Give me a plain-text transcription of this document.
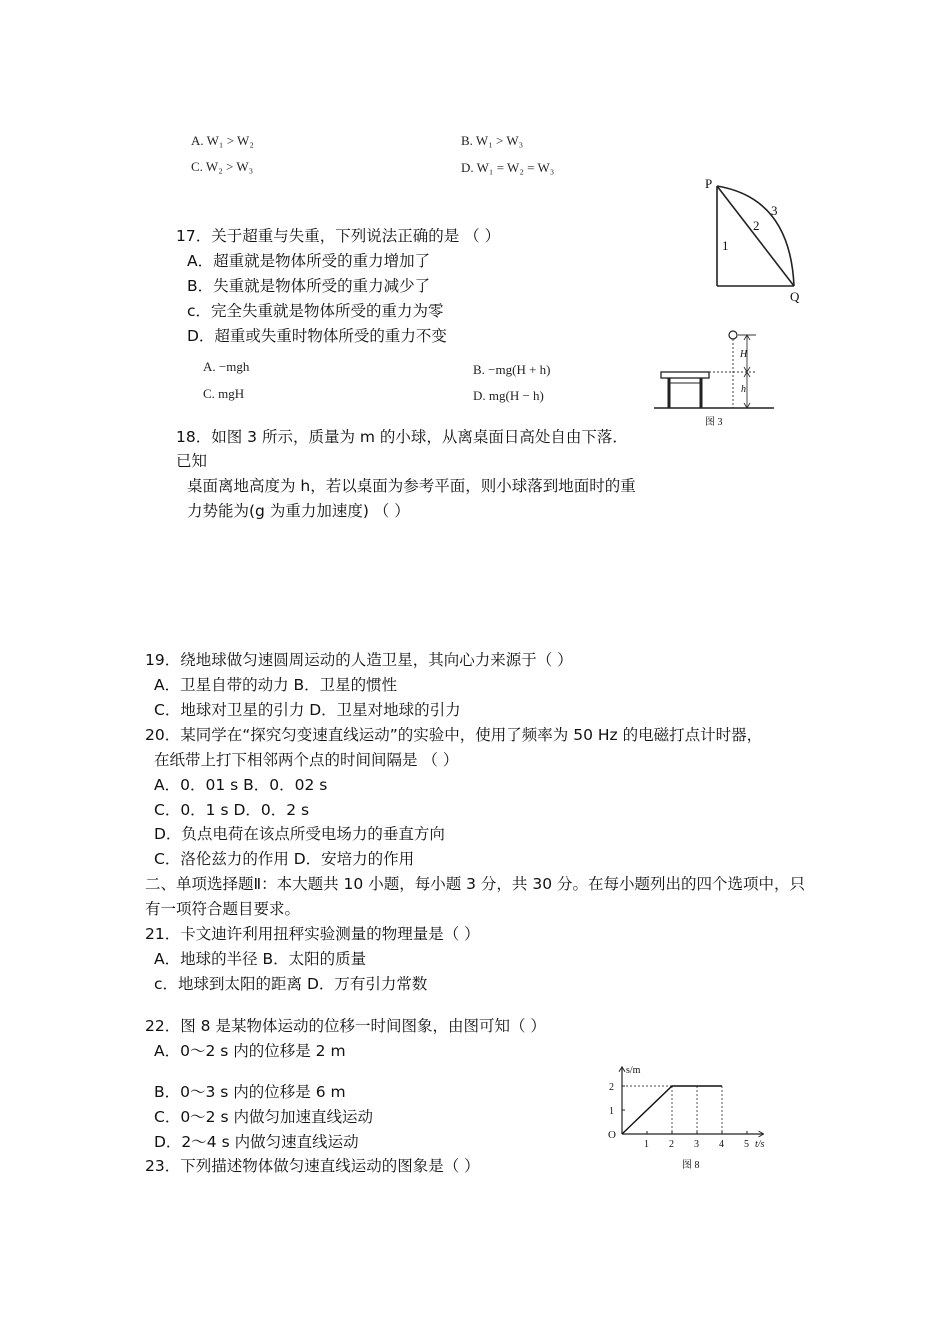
A. W₁ > W₂	B. W₁ > W₃
C. W₂ > W₃	D. W₁ = W₂ = W₃
P
Q
1
2
3
17．关于超重与失重，下列说法正确的是 （ ）
A．超重就是物体所受的重力增加了
B．失重就是物体所受的重力减少了
c．完全失重就是物体所受的重力为零
D．超重或失重时物体所受的重力不变
A. −mgh	B. −mg(H + h)
C. mgH	D. mg(H − h)
H
h
图 3
18．如图 3 所示，质量为 m 的小球，从离桌面日高处自由下落．
已知
桌面离地高度为 h，若以桌面为参考平面，则小球落到地面时的重
力势能为(g 为重力加速度) （ ）
19．绕地球做匀速圆周运动的人造卫星，其向心力来源于（ ）
A．卫星自带的动力 B．卫星的惯性
C．地球对卫星的引力 D．卫星对地球的引力
20．某同学在“探究匀变速直线运动”的实验中，使用了频率为 50 Hz 的电磁打点计时器，
在纸带上打下相邻两个点的时间间隔是 （ ）
A．0．01 s B．0．02 s
C．0．1 s D．0．2 s
D．负点电荷在该点所受电场力的垂直方向
C．洛伦兹力的作用 D．安培力的作用
二、单项选择题Ⅱ：本大题共 10 小题，每小题 3 分，共 30 分。在每小题列出的四个选项中，只
有一项符合题目要求。
21．卡文迪许利用扭秤实验测量的物理量是（ ）
A．地球的半径 B．太阳的质量
c．地球到太阳的距离 D．万有引力常数
22．图 8 是某物体运动的位移一时间图象，由图可知（ ）
A．0～2 s 内的位移是 2 m
B．0～3 s 内的位移是 6 m
C．0～2 s 内做匀加速直线运动
D．2～4 s 内做匀速直线运动
23．下列描述物体做匀速直线运动的图象是（ ）
1 2 3 4 5
1
2
s/m
t/s
O
图 8
